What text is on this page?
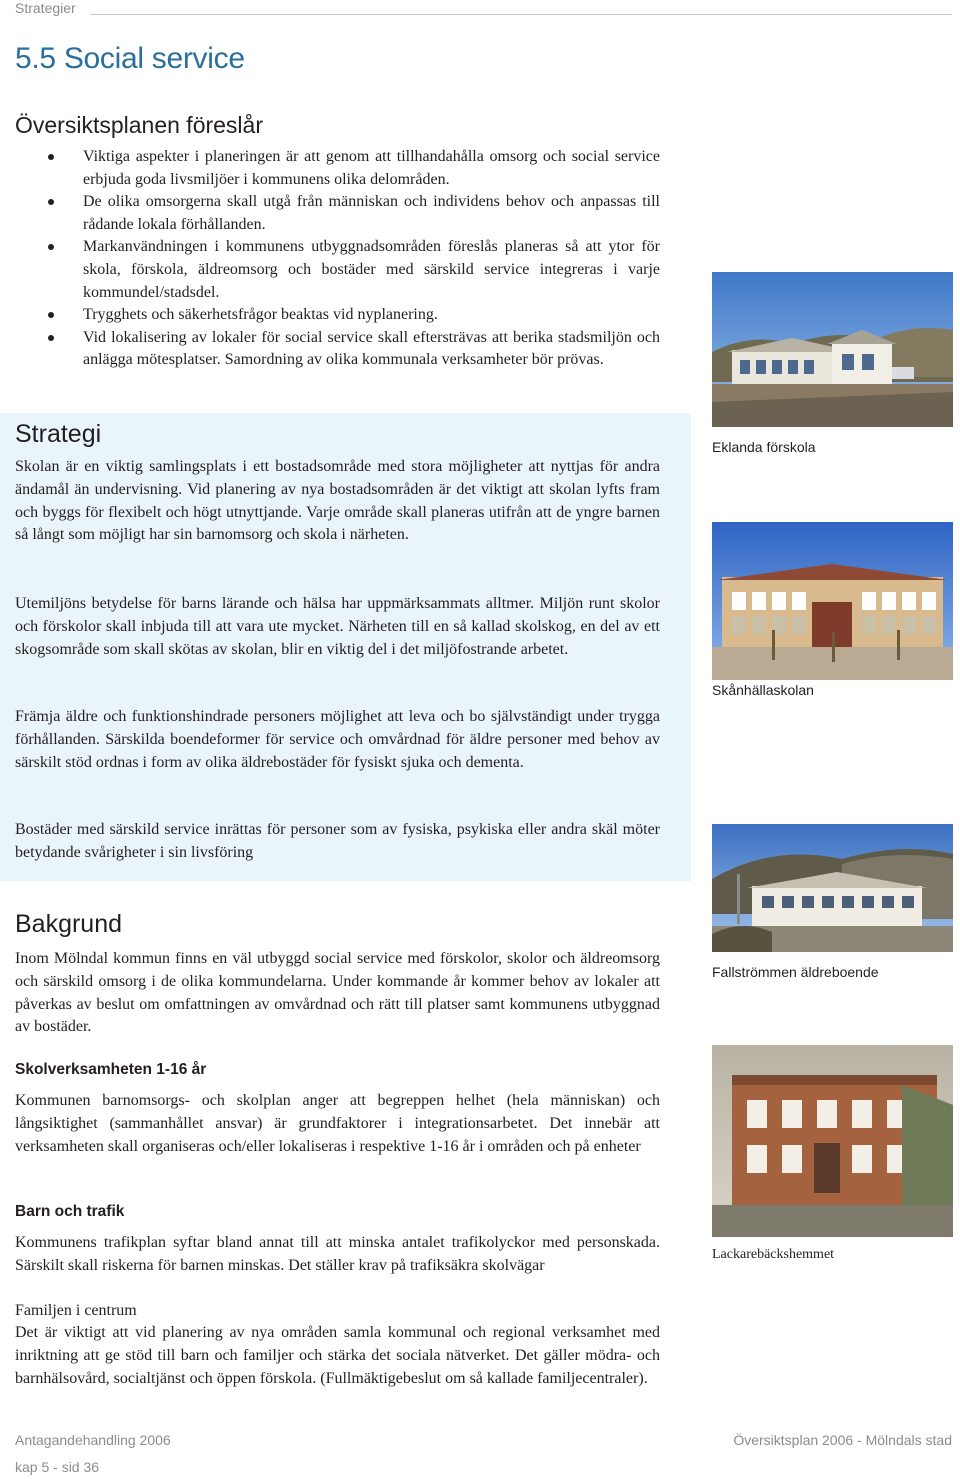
Strategier
5.5 Social service
Översiktsplanen föreslår
Viktiga aspekter i planeringen är att genom att tillhandahålla omsorg och social service erbjuda goda livsmiljöer i kommunens olika delområden.
De olika omsorgerna skall utgå från människan och individens behov och anpassas till rådande lokala förhållanden.
Markanvändningen i kommunens utbyggnadsområden föreslås planeras så att ytor för skola, förskola, äldreomsorg och bostäder med särskild service integreras i varje kommundel/stadsdel.
Trygghets och säkerhetsfrågor beaktas vid nyplanering.
Vid lokalisering av lokaler för social service skall eftersträvas att berika stadsmiljön och anlägga mötesplatser. Samordning av olika kommunala verksamheter bör prövas.
Strategi

Skolan är en viktig samlingsplats i ett bostadsområde med stora möjligheter att nyttjas för andra ändamål än undervisning. Vid planering av nya bostadsområden är det viktigt att skolan lyfts fram och byggs för flexibelt och högt utnyttjande. Varje område skall planeras utifrån att de yngre barnen så långt som möjligt har sin barnomsorg och skola i närheten.

Utemiljöns betydelse för barns lärande och hälsa har uppmärksammats alltmer. Miljön runt skolor och förskolor skall inbjuda till att vara ute mycket. Närheten till en så kallad skolskog, en del av ett skogsområde som skall skötas av skolan, blir en viktig del i det miljöfostrande arbetet.

Främja äldre och funktionshindrade personers möjlighet att leva och bo självständigt under trygga förhållanden. Särskilda boendeformer för service och omvårdnad för äldre personer med behov av särskilt stöd ordnas i form av olika äldrebostäder för fysiskt sjuka och dementa.

Bostäder med särskild service inrättas för personer som av fysiska, psykiska eller andra skäl möter betydande svårigheter i sin livsföring

Bakgrund

Inom Mölndal kommun finns en väl utbyggd social service med förskolor, skolor och äldreomsorg och särskild omsorg i de olika kommundelarna. Under kommande år kommer behov av lokaler att påverkas av beslut om omfattningen av omvårdnad och rätt till platser samt kommunens utbyggnad av bostäder.

Skolverksamheten 1-16 år

Kommunen barnomsorgs- och skolplan anger att begreppen helhet (hela människan) och långsiktighet (sammanhållet ansvar) är grundfaktorer i integrationsarbetet. Det innebär att verksamheten skall organiseras och/eller lokaliseras i respektive 1-16 år i områden och på enheter

Barn och trafik

Kommunens trafikplan syftar bland annat till att minska antalet trafikolyckor med personskada. Särskilt skall riskerna för barnen minskas. Det ställer krav på trafiksäkra skolvägar

Familjen i centrum

Det är viktigt att vid planering av nya områden samla kommunal och regional verksamhet med inriktning att ge stöd till barn och familjer och stärka det sociala nätverket. Det gäller mödra- och barnhälsovård, socialtjänst och öppen förskola. (Fullmäktigebeslut om så kallade familjecentraler).

Eklanda förskola
Skånhällaskolan
Fallströmmen äldreboende
Lackarebäckshemmet
Antagandehandling 2006	Översiktsplan 2006 - Mölndals stad
kap 5 - sid 36
